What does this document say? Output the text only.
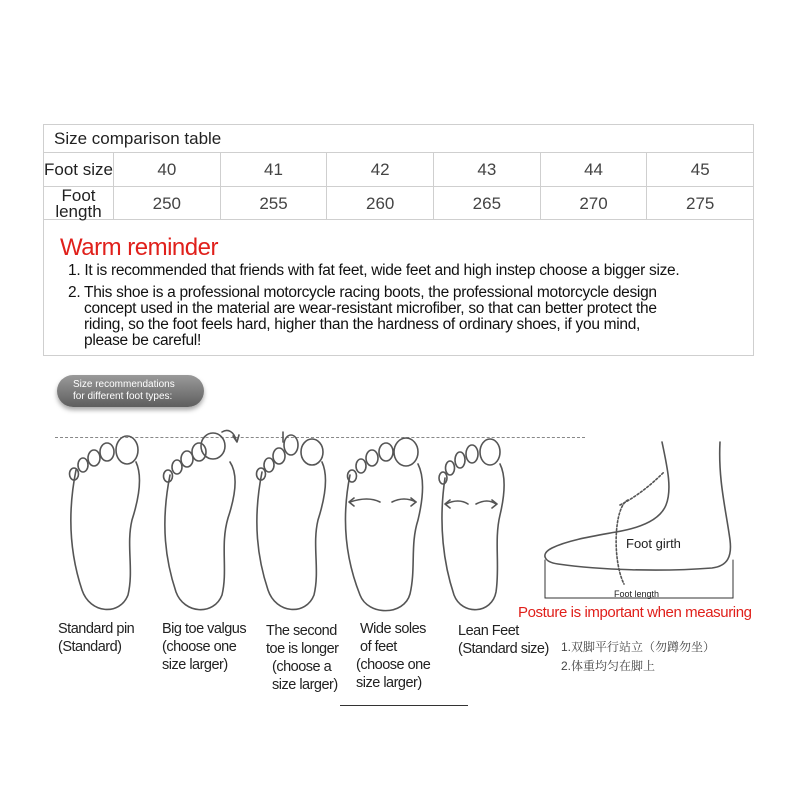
Size comparison table
Foot size	40	41	42	43	44	45
Foot length	250	255	260	265	270	275
Warm reminder
1. It is recommended that friends with fat feet, wide feet and high instep choose a bigger size.
2. This shoe is a professional motorcycle racing boots, the professional motorcycle design
concept used in the material are wear-resistant microfiber, so that can better protect the
riding, so the foot feels hard, higher than the hardness of ordinary shoes, if you mind,
please be careful!
Size recommendations
for different foot types:
Foot girth
Foot length
Standard pin
(Standard)
Big toe valgus
(choose one
size larger)
The second
toe is longer
(choose a
size larger)
Wide soles
of feet
(choose one
size larger)
Lean Feet
(Standard size)
Posture is important when measuring
1.双脚平行站立（勿蹲勿坐）
2.体重均匀在脚上
